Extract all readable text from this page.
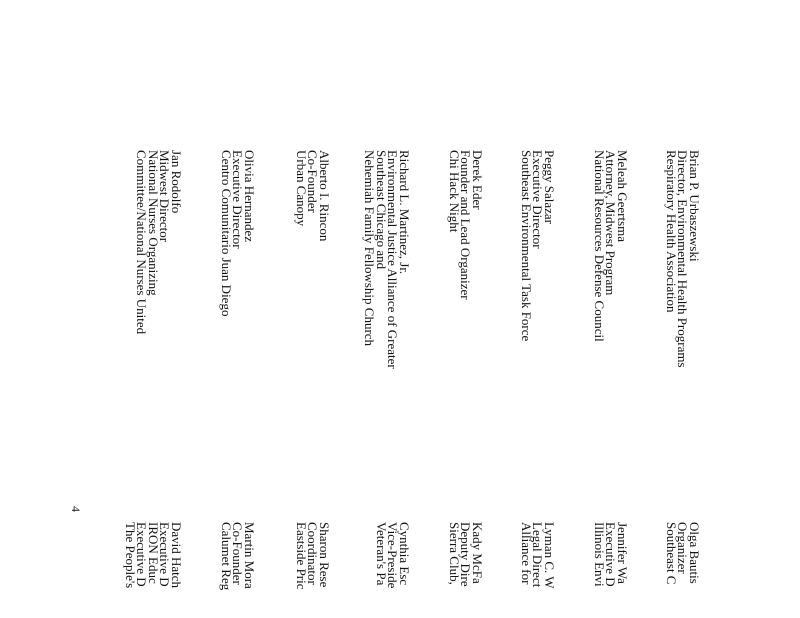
Brian P. Urbaszewski
Director, Environmental Health Programs
Respiratory Health Association
Meleah Geertsma
Attorney, Midwest Program
National Resources Defense Council
Peggy Salazar
Executive Director
Southeast Environmental Task Force
Derek Eder
Founder and Lead Organizer
Chi Hack Night
Richard L. Martinez, Jr.
Environmental Justice Alliance of Greater
Southeast Chicago and
Nehemiah Family Fellowship Church
Alberto I. Rincon
Co-Founder
Urban Canopy
Olivia Hernandez
Executive Director
Centro Comunitario Juan Diego
Jan Rodolfo
Midwest Director
National Nurses Organizing
Committee/National Nurses United
4
Olga Bautis
Organizer
Southeast C
Jennifer Wa
Executive D
Illinois Envi
Lyman C. W
Legal Direct
Alliance for
Kady McFa
Deputy Dire
Sierra Club,
Cynthia Esc
Vice-Preside
Veteran's Pa
Sharon Rese
Coordinator
Eastside Pric
Martin Mora
Co-Founder
Calumet Reg
David Hatch
Executive D
IRON Educ
Executive D
The People's
